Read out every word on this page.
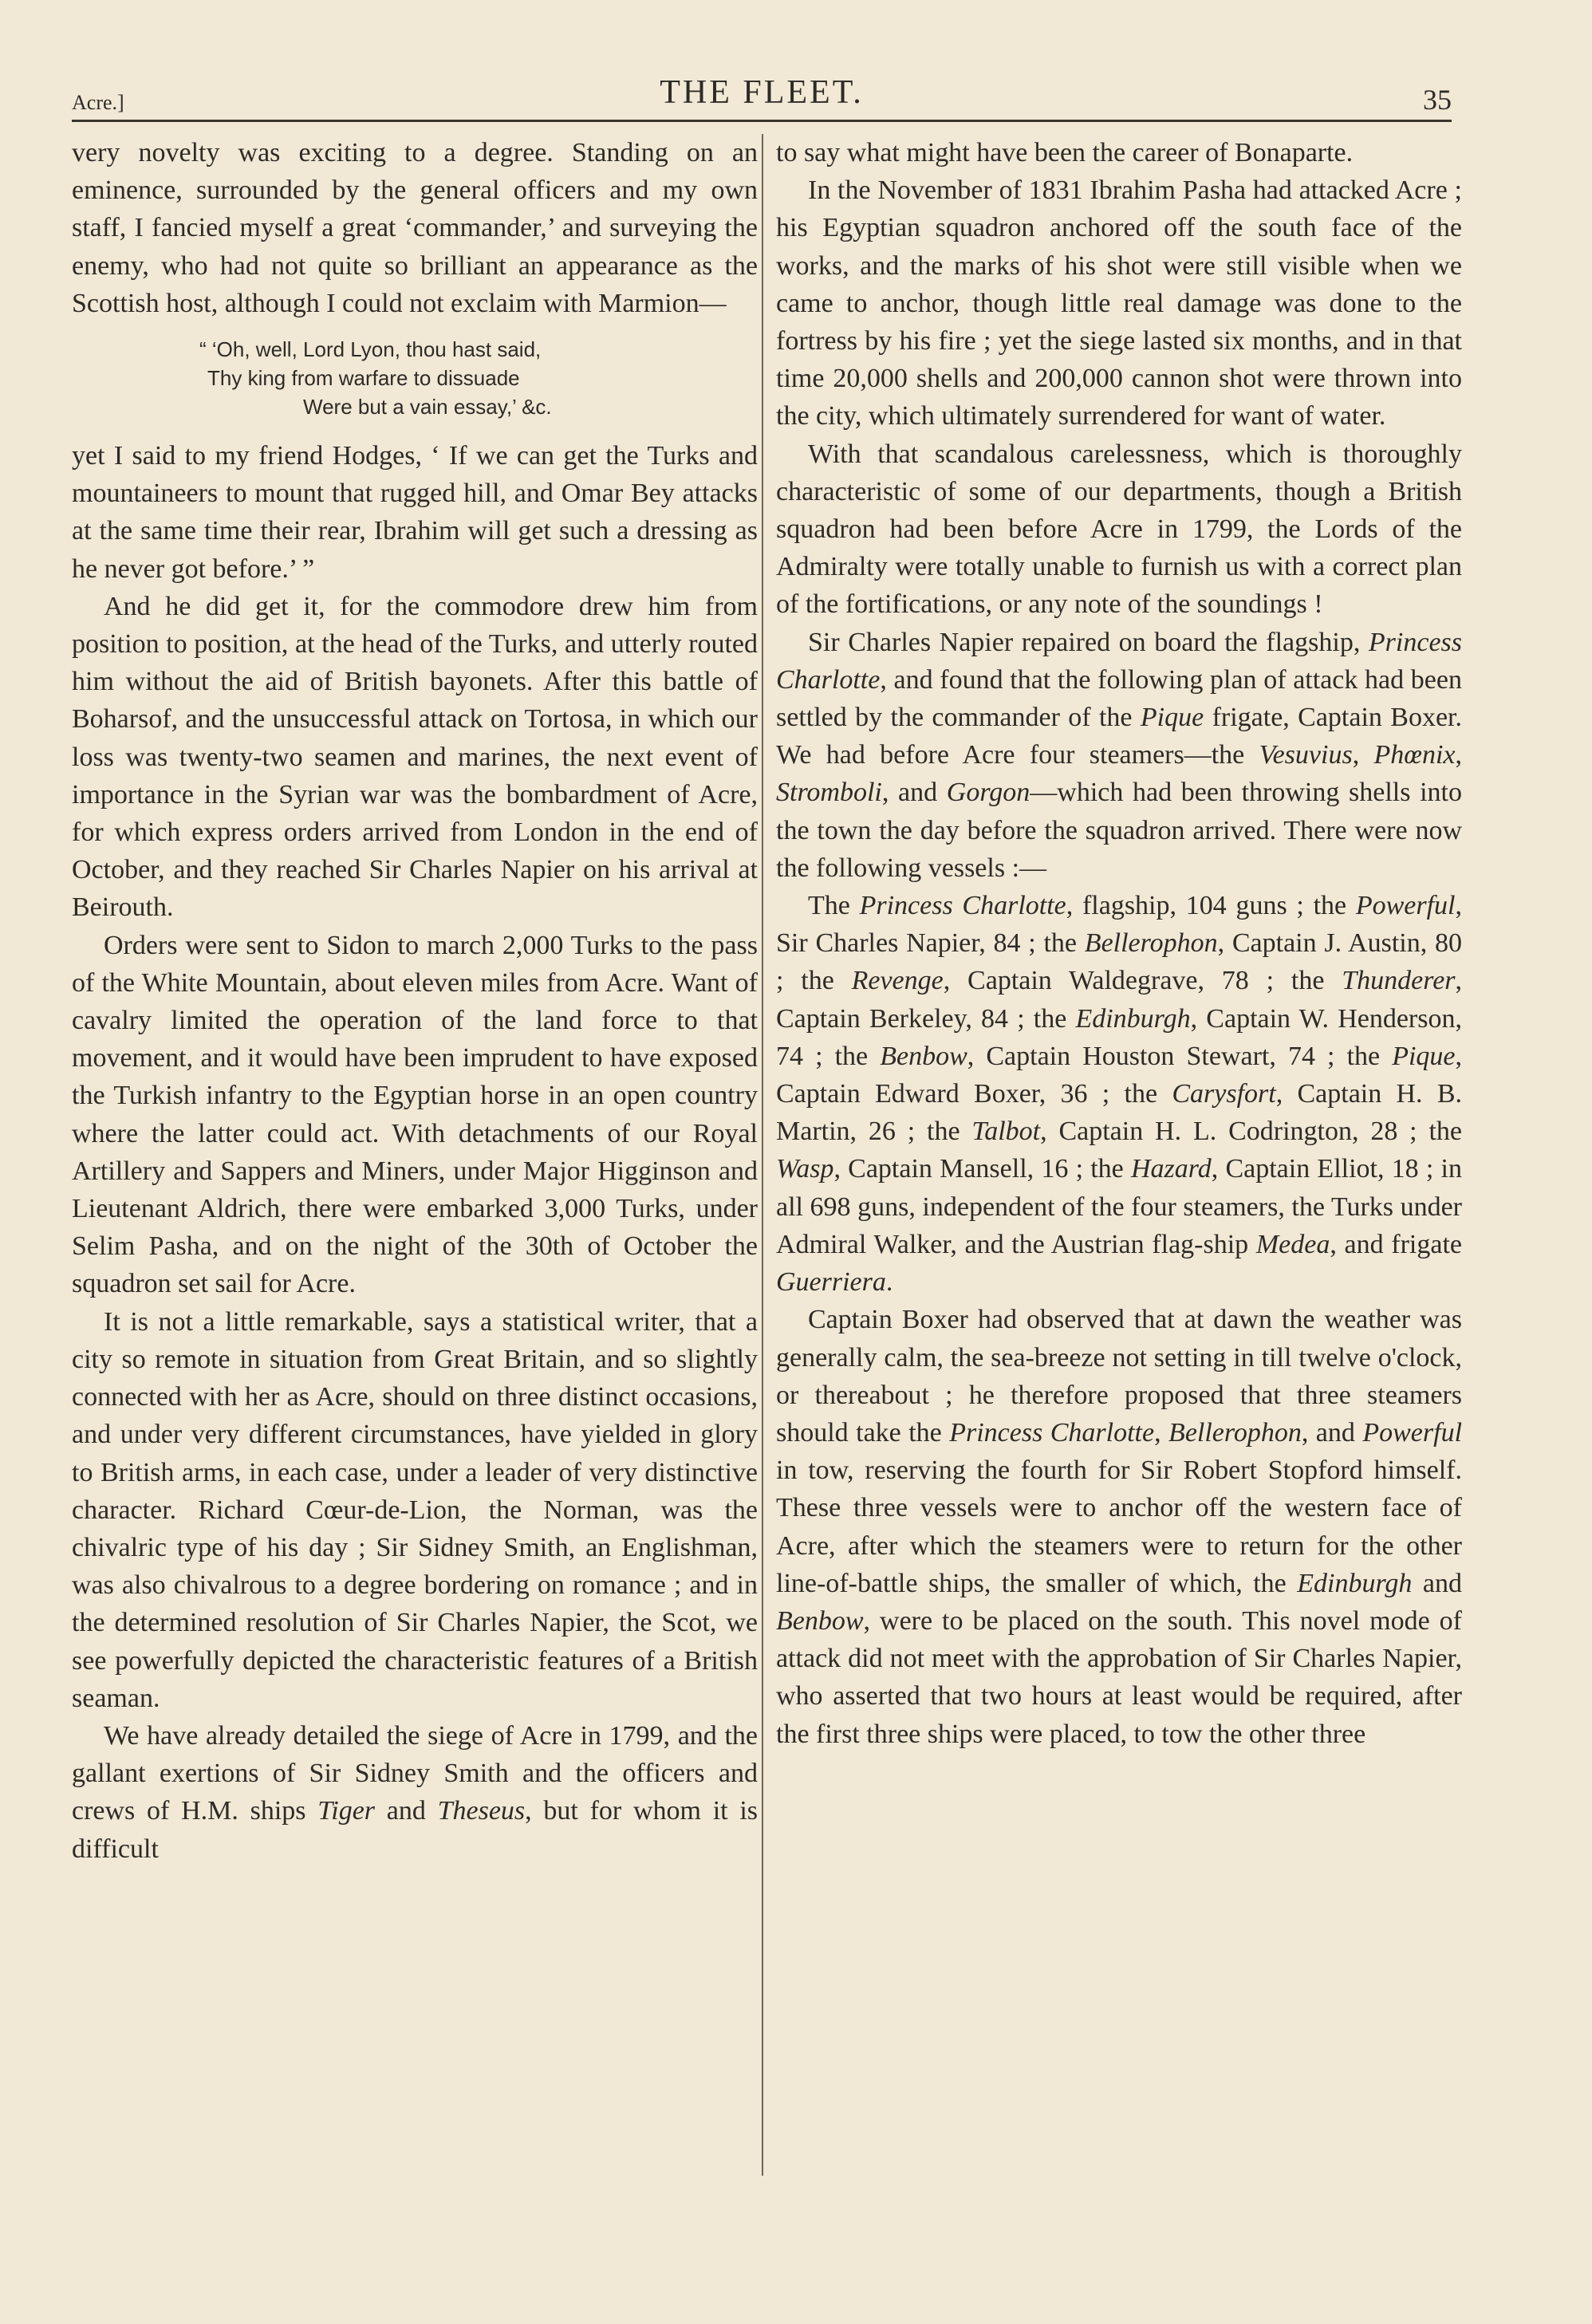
Acre.]	THE FLEET.	35

very novelty was exciting to a degree. Standing on an eminence, surrounded by the general officers and my own staff, I fancied myself a great ‘commander,’ and surveying the enemy, who had not quite so brilliant an appearance as the Scottish host, although I could not exclaim with Marmion—

“ ‘Oh, well, Lord Lyon, thou hast said,
Thy king from warfare to dissuade
Were but a vain essay,’ &c.

yet I said to my friend Hodges, ‘ If we can get the Turks and mountaineers to mount that rugged hill, and Omar Bey attacks at the same time their rear, Ibrahim will get such a dressing as he never got before.’ ”

And he did get it, for the commodore drew him from position to position, at the head of the Turks, and utterly routed him without the aid of British bayonets. After this battle of Boharsof, and the unsuccessful attack on Tortosa, in which our loss was twenty-two seamen and marines, the next event of importance in the Syrian war was the bombardment of Acre, for which express orders arrived from London in the end of October, and they reached Sir Charles Napier on his arrival at Beirouth.

Orders were sent to Sidon to march 2,000 Turks to the pass of the White Mountain, about eleven miles from Acre. Want of cavalry limited the operation of the land force to that movement, and it would have been imprudent to have exposed the Turkish infantry to the Egyptian horse in an open country where the latter could act. With detachments of our Royal Artillery and Sappers and Miners, under Major Higginson and Lieutenant Aldrich, there were embarked 3,000 Turks, under Selim Pasha, and on the night of the 30th of October the squadron set sail for Acre.

It is not a little remarkable, says a statistical writer, that a city so remote in situation from Great Britain, and so slightly connected with her as Acre, should on three distinct occasions, and under very different circumstances, have yielded in glory to British arms, in each case, under a leader of very distinctive character. Richard Cœur-de-Lion, the Norman, was the chivalric type of his day ; Sir Sidney Smith, an Englishman, was also chivalrous to a degree bordering on romance ; and in the determined resolution of Sir Charles Napier, the Scot, we see powerfully depicted the characteristic features of a British seaman.

We have already detailed the siege of Acre in 1799, and the gallant exertions of Sir Sidney Smith and the officers and crews of H.M. ships Tiger and Theseus, but for whom it is difficult

to say what might have been the career of Bonaparte.

In the November of 1831 Ibrahim Pasha had attacked Acre ; his Egyptian squadron anchored off the south face of the works, and the marks of his shot were still visible when we came to anchor, though little real damage was done to the fortress by his fire ; yet the siege lasted six months, and in that time 20,000 shells and 200,000 cannon shot were thrown into the city, which ultimately surrendered for want of water.

With that scandalous carelessness, which is thoroughly characteristic of some of our departments, though a British squadron had been before Acre in 1799, the Lords of the Admiralty were totally unable to furnish us with a correct plan of the fortifications, or any note of the soundings !

Sir Charles Napier repaired on board the flagship, Princess Charlotte, and found that the following plan of attack had been settled by the commander of the Pique frigate, Captain Boxer. We had before Acre four steamers—the Vesuvius, Phœnix, Stromboli, and Gorgon—which had been throwing shells into the town the day before the squadron arrived. There were now the following vessels :—

The Princess Charlotte, flagship, 104 guns ; the Powerful, Sir Charles Napier, 84 ; the Bellerophon, Captain J. Austin, 80 ; the Revenge, Captain Waldegrave, 78 ; the Thunderer, Captain Berkeley, 84 ; the Edinburgh, Captain W. Henderson, 74 ; the Benbow, Captain Houston Stewart, 74 ; the Pique, Captain Edward Boxer, 36 ; the Carysfort, Captain H. B. Martin, 26 ; the Talbot, Captain H. L. Codrington, 28 ; the Wasp, Captain Mansell, 16 ; the Hazard, Captain Elliot, 18 ; in all 698 guns, independent of the four steamers, the Turks under Admiral Walker, and the Austrian flag-ship Medea, and frigate Guerriera.

Captain Boxer had observed that at dawn the weather was generally calm, the sea-breeze not setting in till twelve o'clock, or thereabout ; he therefore proposed that three steamers should take the Princess Charlotte, Bellerophon, and Powerful in tow, reserving the fourth for Sir Robert Stopford himself. These three vessels were to anchor off the western face of Acre, after which the steamers were to return for the other line-of-battle ships, the smaller of which, the Edinburgh and Benbow, were to be placed on the south. This novel mode of attack did not meet with the approbation of Sir Charles Napier, who asserted that two hours at least would be required, after the first three ships were placed, to tow the other three
